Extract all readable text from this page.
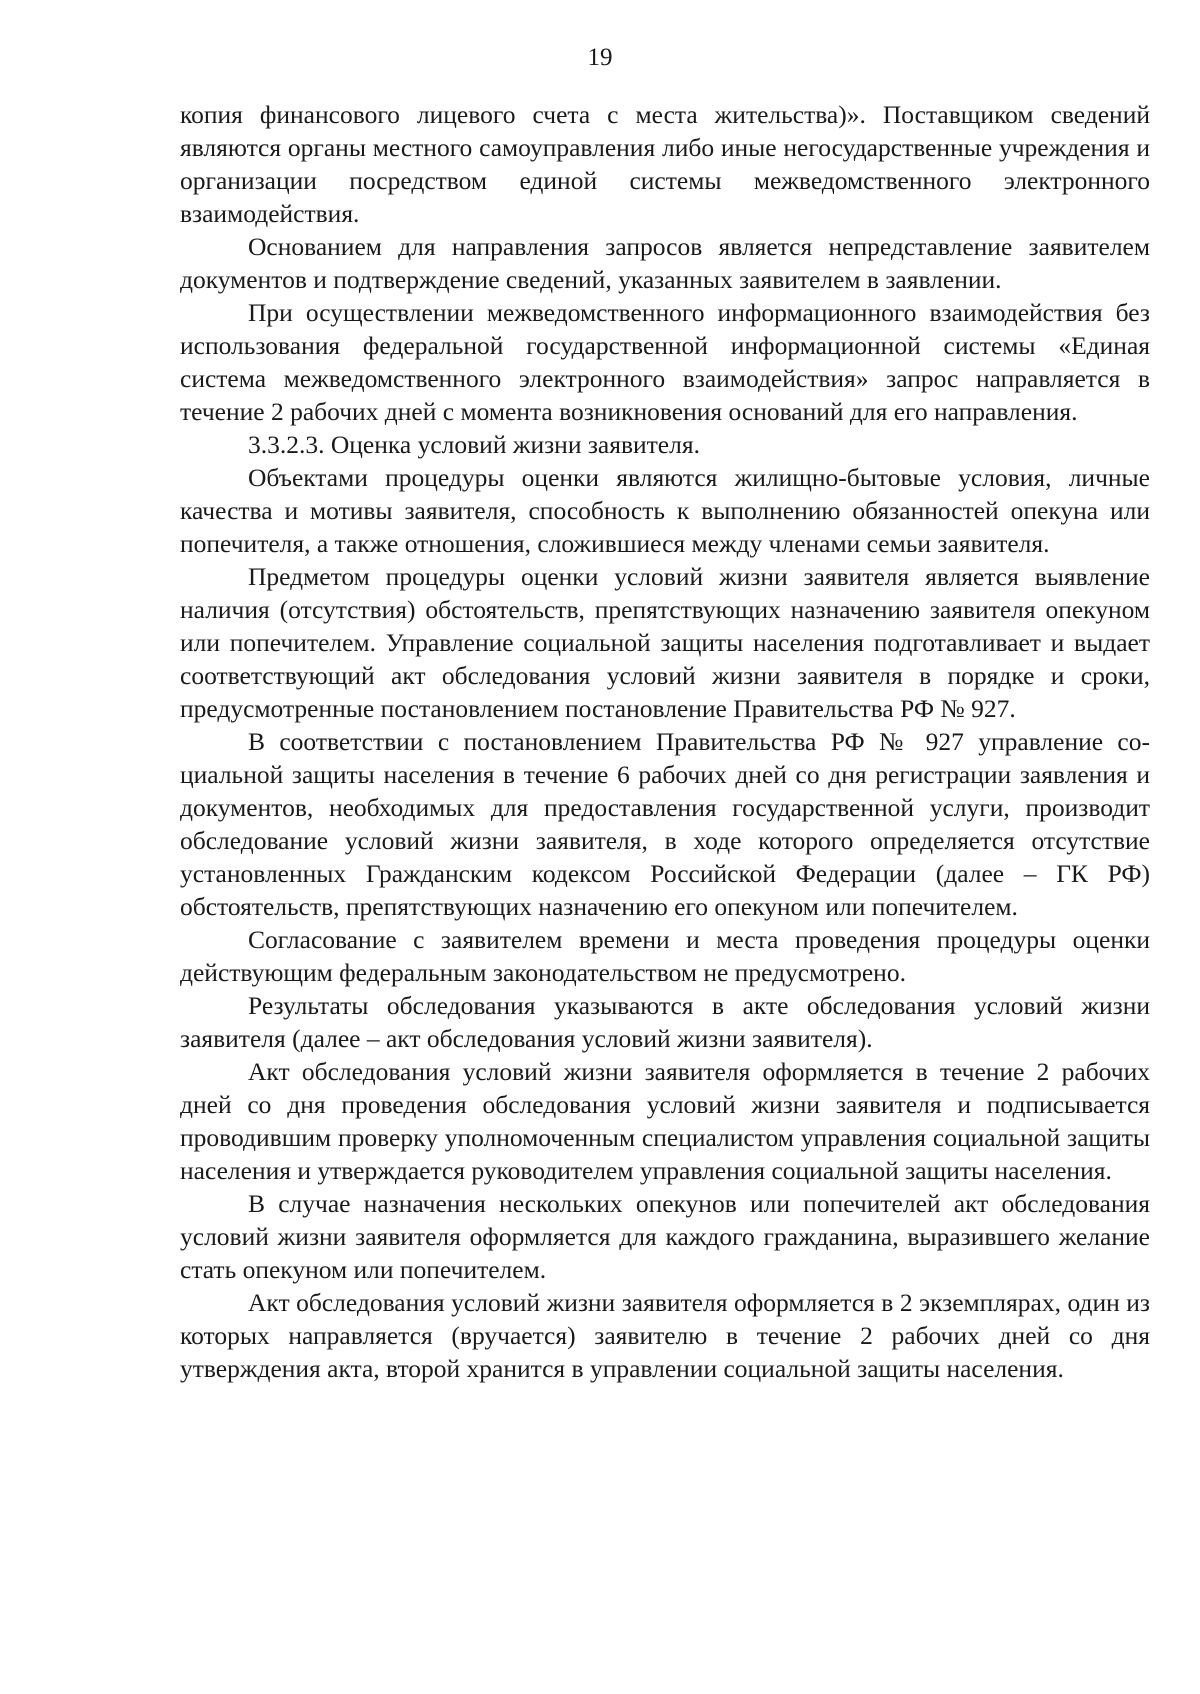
19

копия финансового лицевого счета с места жительства)». Поставщиком сведений являются органы местного самоуправления либо иные негосударственные учреждения и организации посредством единой системы межведомственного электронного взаимодействия.

Основанием для направления запросов является непредставление заявителем документов и подтверждение сведений, указанных заявителем в заявлении.

При осуществлении межведомственного информационного взаимодействия без использования федеральной государственной информационной системы «Единая система межведомственного электронного взаимодействия» запрос направляется в течение 2 рабочих дней с момента возникновения оснований для его направления.

3.3.2.3. Оценка условий жизни заявителя.

Объектами процедуры оценки являются жилищно-бытовые условия, личные качества и мотивы заявителя, способность к выполнению обязанностей опекуна или попечителя, а также отношения, сложившиеся между членами семьи заявителя.

Предметом процедуры оценки условий жизни заявителя является выявление наличия (отсутствия) обстоятельств, препятствующих назначению заявителя опекуном или попечителем. Управление социальной защиты населения подготавливает и выдает соответствующий акт обследования условий жизни заявителя в порядке и сроки, предусмотренные постановлением постановление Правительства РФ № 927.

В соответствии с постановлением Правительства РФ № 927 управление социальной защиты населения в течение 6 рабочих дней со дня регистрации заявления и документов, необходимых для предоставления государственной услуги, производит обследование условий жизни заявителя, в ходе которого определяется отсутствие установленных Гражданским кодексом Российской Федерации (далее – ГК РФ) обстоятельств, препятствующих назначению его опекуном или попечителем.

Согласование с заявителем времени и места проведения процедуры оценки действующим федеральным законодательством не предусмотрено.

Результаты обследования указываются в акте обследования условий жизни заявителя (далее – акт обследования условий жизни заявителя).

Акт обследования условий жизни заявителя оформляется в течение 2 рабочих дней со дня проведения обследования условий жизни заявителя и подписывается проводившим проверку уполномоченным специалистом управления социальной защиты населения и утверждается руководителем управления социальной защиты населения.

В случае назначения нескольких опекунов или попечителей акт обследования условий жизни заявителя оформляется для каждого гражданина, выразившего желание стать опекуном или попечителем.

Акт обследования условий жизни заявителя оформляется в 2 экземплярах, один из которых направляется (вручается) заявителю в течение 2 рабочих дней со дня утверждения акта, второй хранится в управлении социальной защиты населения.
